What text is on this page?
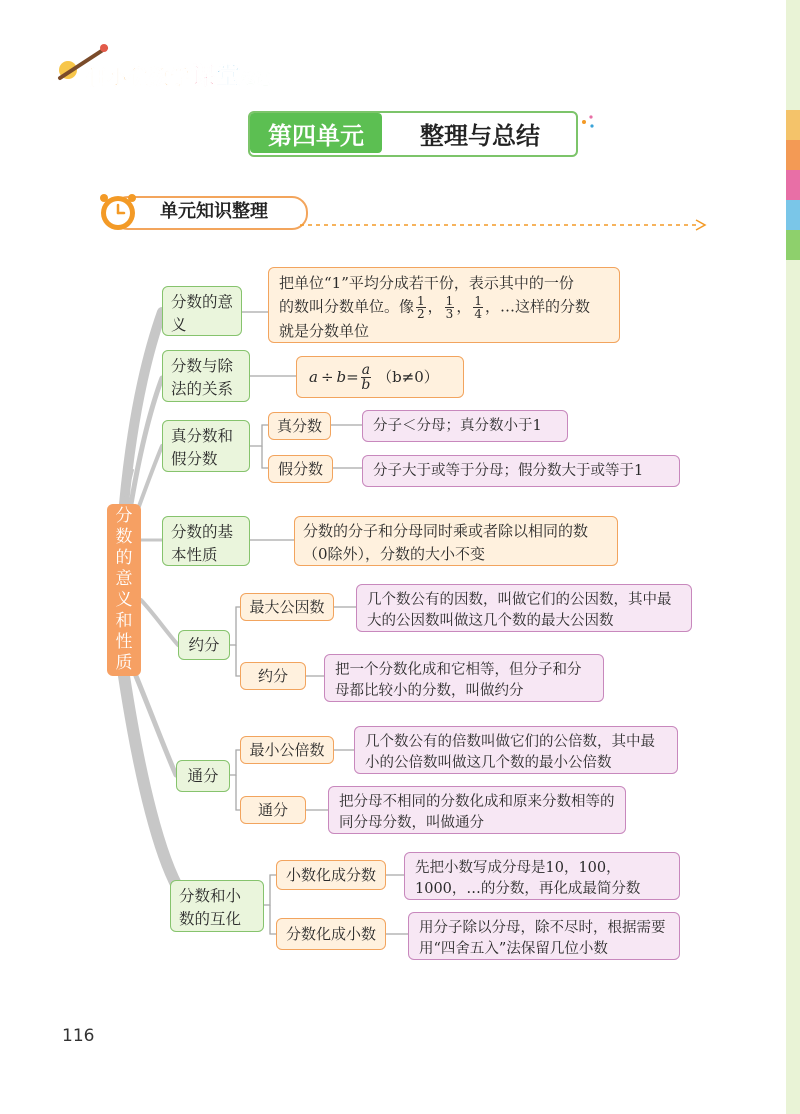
佃小优数学课堂笔记
第四单元	整理与总结
单元知识整理
分
数
的
意
义
和
性
质
分数的意义
把单位“1”平均分成若干份，表示其中的一份
的数叫分数单位。像 $\frac{1}{2}$ ， $\frac{1}{3}$ ， $\frac{1}{4}$ ，…这样的分数
就是分数单位
分数与除法的关系
$a \div b = \frac{a}{b} (b\ne 0)$
真分数和假分数
真分数	分子＜分母；真分数小于1
假分数	分子大于或等于分母；假分数大于或等于1
分数的基本性质
分数的分子和分母同时乘或者除以相同的数（0除外），分数的大小不变
约分
最大公因数	几个数公有的因数，叫做它们的公因数，其中最大的公因数叫做这几个数的最大公因数
约分	把一个分数化成和它相等，但分子和分母都比较小的分数，叫做约分
通分
最小公倍数	几个数公有的倍数叫做它们的公倍数，其中最小的公倍数叫做这几个数的最小公倍数
通分	把分母不相同的分数化成和原来分数相等的同分母分数，叫做通分
分数和小数的互化
小数化成分数	先把小数写成分母是10，100，1000，…的分数，再化成最简分数
分数化成小数	用分子除以分母，除不尽时，根据需要用“四舍五入”法保留几位小数
116
